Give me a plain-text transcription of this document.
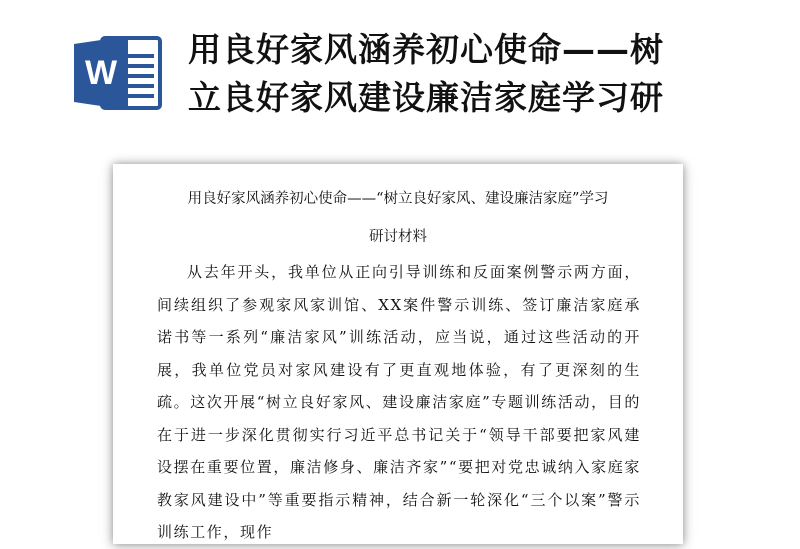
W
用良好家风涵养初心使命——树
立良好家风建设廉洁家庭学习研
用良好家风涵养初心使命——“树立良好家风、建设廉洁家庭”学习
研讨材料
从去年开头，我单位从正向引导训练和反面案例警示两方面，间续组织了参观家风家训馆、XX案件警示训练、签订廉洁家庭承诺书等一系列“廉洁家风”训练活动，应当说，通过这些活动的开展，我单位党员对家风建设有了更直观地体验，有了更深刻的生疏。这次开展“树立良好家风、建设廉洁家庭”专题训练活动，目的在于进一步深化贯彻实行习近平总书记关于“领导干部要把家风建设摆在重要位置，廉洁修身、廉洁齐家”“要把对党忠诚纳入家庭家教家风建设中”等重要指示精神，结合新一轮深化“三个以案”警示训练工作，现作
